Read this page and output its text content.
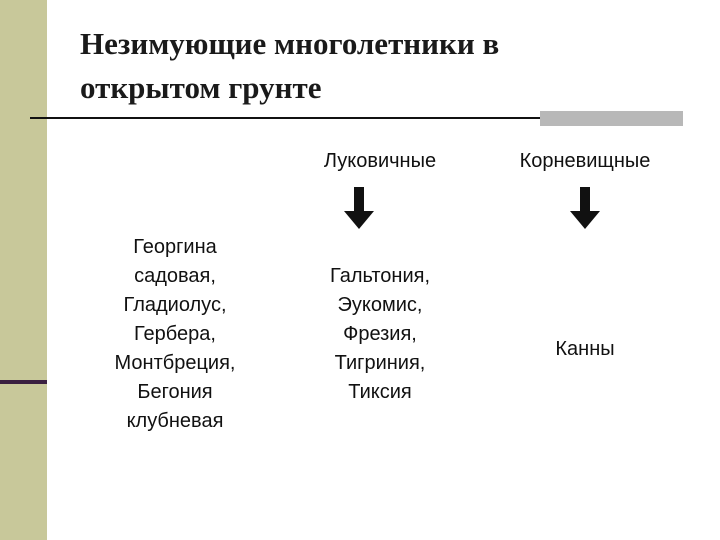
Незимующие многолетники в
открытом грунте
Луковичные	Корневищные
Георгина
садовая,
Гладиолус,
Гербера,
Монтбреция,
Бегония
клубневая
Гальтония,
Эукомис,
Фрезия,
Тигриния,
Тиксия
Канны
